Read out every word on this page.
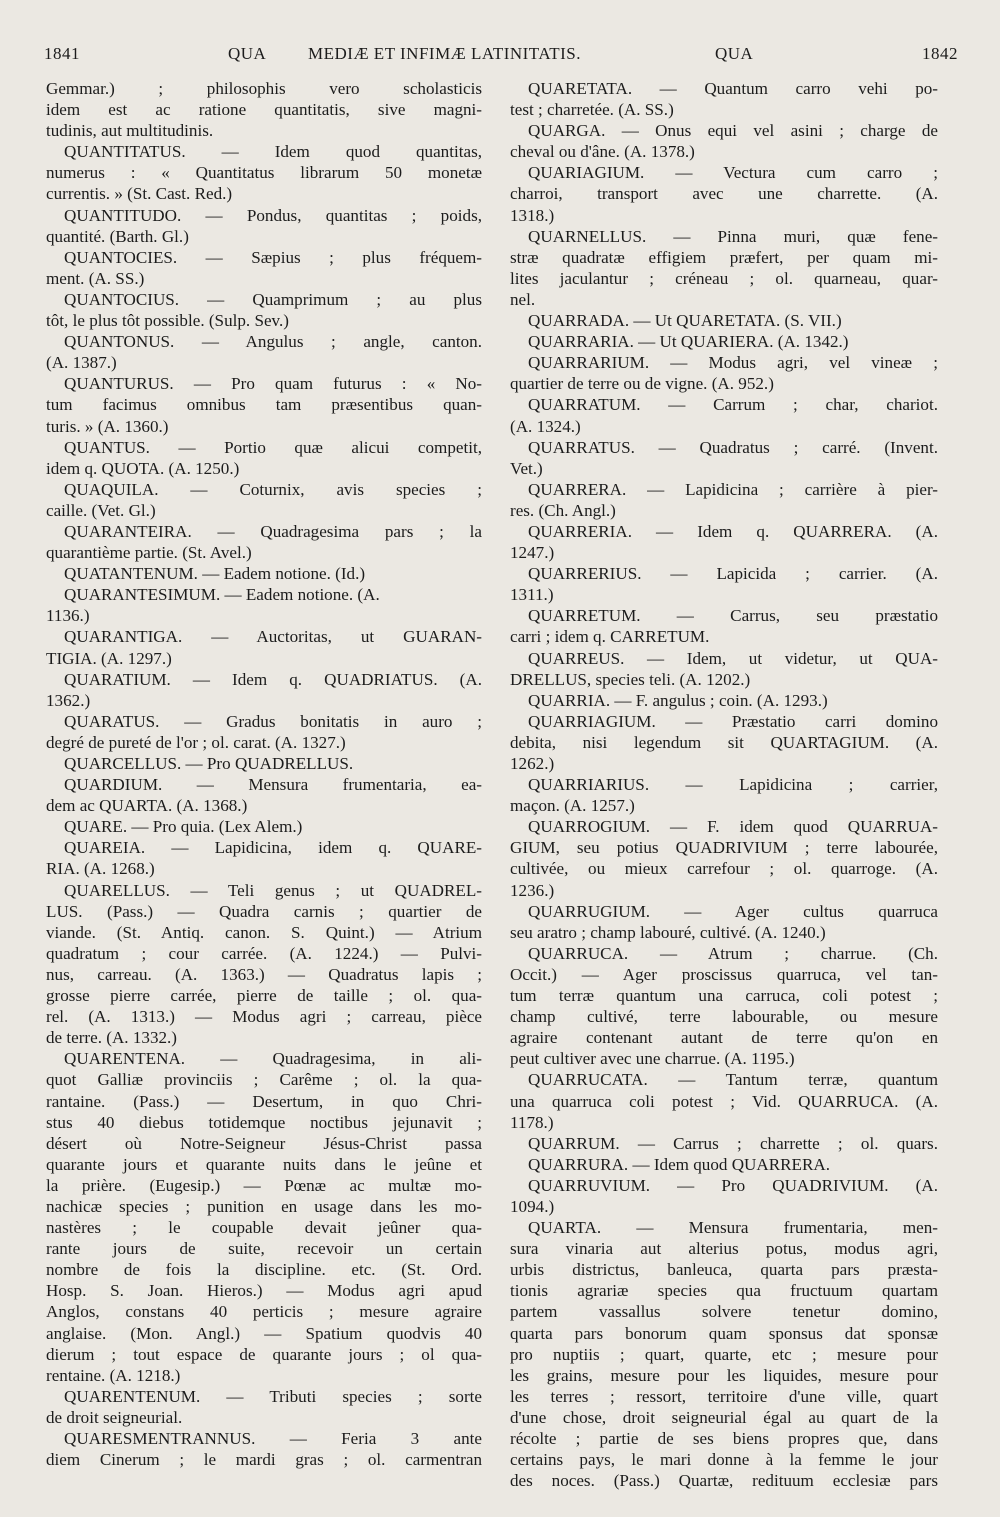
1841	QUA MEDIÆ ET INFIMÆ LATINITATIS.	QUA	1842
Gemmar.) ; philosophis vero scholasticis
idem est ac ratione quantitatis, sive magni-
tudinis, aut multitudinis.
QUANTITATUS. — Idem quod quantitas,
numerus : « Quantitatus librarum 50 monetæ
currentis. » (St. Cast. Red.)
QUANTITUDO. — Pondus, quantitas ; poids,
quantité. (Barth. Gl.)
QUANTOCIES. — Sæpius ; plus fréquem-
ment. (A. SS.)
QUANTOCIUS. — Quamprimum ; au plus
tôt, le plus tôt possible. (Sulp. Sev.)
QUANTONUS. — Angulus ; angle, canton.
(A. 1387.)
QUANTURUS. — Pro quam futurus : « No-
tum facimus omnibus tam præsentibus quan-
turis. » (A. 1360.)
QUANTUS. — Portio quæ alicui competit,
idem q. QUOTA. (A. 1250.)
QUAQUILA. — Coturnix, avis species ;
caille. (Vet. Gl.)
QUARANTEIRA. — Quadragesima pars ; la
quarantième partie. (St. Avel.)
QUATANTENUM. — Eadem notione. (Id.)
QUARANTESIMUM. — Eadem notione. (A.
1136.)
QUARANTIGA. — Auctoritas, ut GUARAN-
TIGIA. (A. 1297.)
QUARATIUM. — Idem q. QUADRIATUS. (A.
1362.)
QUARATUS. — Gradus bonitatis in auro ;
degré de pureté de l'or ; ol. carat. (A. 1327.)
QUARCELLUS. — Pro QUADRELLUS.
QUARDIUM. — Mensura frumentaria, ea-
dem ac QUARTA. (A. 1368.)
QUARE. — Pro quia. (Lex Alem.)
QUAREIA. — Lapidicina, idem q. QUARE-
RIA. (A. 1268.)
QUARELLUS. — Teli genus ; ut QUADREL-
LUS. (Pass.) — Quadra carnis ; quartier de
viande. (St. Antiq. canon. S. Quint.) — Atrium
quadratum ; cour carrée. (A. 1224.) — Pulvi-
nus, carreau. (A. 1363.) — Quadratus lapis ;
grosse pierre carrée, pierre de taille ; ol. qua-
rel. (A. 1313.) — Modus agri ; carreau, pièce
de terre. (A. 1332.)
QUARENTENA. — Quadragesima, in ali-
quot Galliæ provinciis ; Carême ; ol. la qua-
rantaine. (Pass.) — Desertum, in quo Chri-
stus 40 diebus totidemque noctibus jejunavit ;
désert où Notre-Seigneur Jésus-Christ passa
quarante jours et quarante nuits dans le jeûne et
la prière. (Eugesip.) — Pœnæ ac multæ mo-
nachicæ species ; punition en usage dans les mo-
nastères ; le coupable devait jeûner qua-
rante jours de suite, recevoir un certain
nombre de fois la discipline. etc. (St. Ord.
Hosp. S. Joan. Hieros.) — Modus agri apud
Anglos, constans 40 perticis ; mesure agraire
anglaise. (Mon. Angl.) — Spatium quodvis 40
dierum ; tout espace de quarante jours ; ol qua-
rentaine. (A. 1218.)
QUARENTENUM. — Tributi species ; sorte
de droit seigneurial.
QUARESMENTRANNUS. — Feria 3 ante
diem Cinerum ; le mardi gras ; ol. carmentran
QUARETATA. — Quantum carro vehi po-
test ; charretée. (A. SS.)
QUARGA. — Onus equi vel asini ; charge de
cheval ou d'âne. (A. 1378.)
QUARIAGIUM. — Vectura cum carro ;
charroi, transport avec une charrette. (A.
1318.)
QUARNELLUS. — Pinna muri, quæ fene-
stræ quadratæ effigiem præfert, per quam mi-
lites jaculantur ; créneau ; ol. quarneau, quar-
nel.
QUARRADA. — Ut QUARETATA. (S. VII.)
QUARRARIA. — Ut QUARIERA. (A. 1342.)
QUARRARIUM. — Modus agri, vel vineæ ;
quartier de terre ou de vigne. (A. 952.)
QUARRATUM. — Carrum ; char, chariot.
(A. 1324.)
QUARRATUS. — Quadratus ; carré. (Invent.
Vet.)
QUARRERA. — Lapidicina ; carrière à pier-
res. (Ch. Angl.)
QUARRERIA. — Idem q. QUARRERA. (A.
1247.)
QUARRERIUS. — Lapicida ; carrier. (A.
1311.)
QUARRETUM. — Carrus, seu præstatio
carri ; idem q. CARRETUM.
QUARREUS. — Idem, ut videtur, ut QUA-
DRELLUS, species teli. (A. 1202.)
QUARRIA. — F. angulus ; coin. (A. 1293.)
QUARRIAGIUM. — Præstatio carri domino
debita, nisi legendum sit QUARTAGIUM. (A.
1262.)
QUARRIARIUS. — Lapidicina ; carrier,
maçon. (A. 1257.)
QUARROGIUM. — F. idem quod QUARRUA-
GIUM, seu potius QUADRIVIUM ; terre labourée,
cultivée, ou mieux carrefour ; ol. quarroge. (A.
1236.)
QUARRUGIUM. — Ager cultus quarruca
seu aratro ; champ labouré, cultivé. (A. 1240.)
QUARRUCA. — Atrum ; charrue. (Ch.
Occit.) — Ager proscissus quarruca, vel tan-
tum terræ quantum una carruca, coli potest ;
champ cultivé, terre labourable, ou mesure
agraire contenant autant de terre qu'on en
peut cultiver avec une charrue. (A. 1195.)
QUARRUCATA. — Tantum terræ, quantum
una quarruca coli potest ; Vid. QUARRUCA. (A.
1178.)
QUARRUM. — Carrus ; charrette ; ol. quars.
QUARRURA. — Idem quod QUARRERA.
QUARRUVIUM. — Pro QUADRIVIUM. (A.
1094.)
QUARTA. — Mensura frumentaria, men-
sura vinaria aut alterius potus, modus agri,
urbis districtus, banleuca, quarta pars præsta-
tionis agrariæ species qua fructuum quartam
partem vassallus solvere tenetur domino,
quarta pars bonorum quam sponsus dat sponsæ
pro nuptiis ; quart, quarte, etc ; mesure pour
les grains, mesure pour les liquides, mesure pour
les terres ; ressort, territoire d'une ville, quart
d'une chose, droit seigneurial égal au quart de la
récolte ; partie de ses biens propres que, dans
certains pays, le mari donne à la femme le jour
des noces. (Pass.) Quartæ, redituum ecclesiæ pars
